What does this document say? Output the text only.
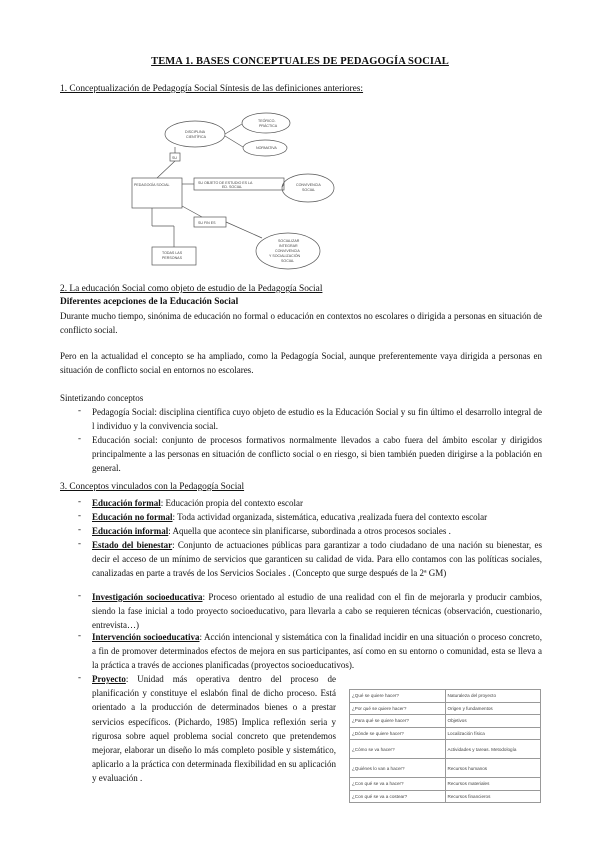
TEMA 1. BASES CONCEPTUALES DE PEDAGOGÍA SOCIAL
1. Conceptualización de Pedagogía Social Síntesis de las definiciones anteriores:
DISCIPLINA
CIENTÍFICA
TEÓRICO-
PRÁCTICA
NORMATIVA
SU
PEDAGOGÍA SOCIAL	SU OBJETO DE ESTUDIO ES LA
ED. SOCIAL	CONVIVENCIA
SOCIAL
SU FIN ES
SOCIALIZAR
INTEGRAR
CONVIVENCIA
Y SOCIALIZACIÓN
SOCIAL
TODAS LAS
PERSONAS
2. La educación Social como objeto de estudio de la Pedagogía Social
Diferentes acepciones de la Educación Social
Durante mucho tiempo, sinónima de educación no formal o educación en contextos no escolares o dirigida a personas en situación de conflicto social.
Pero en la actualidad el concepto se ha ampliado, como la Pedagogía Social, aunque preferentemente vaya dirigida a personas en situación de conflicto social en entornos no escolares.
Sintetizando conceptos
- Pedagogía Social: disciplina científica cuyo objeto de estudio es la Educación Social y su fin último el desarrollo integral de l individuo y la convivencia social.
- Educación social: conjunto de procesos formativos normalmente llevados a cabo fuera del ámbito escolar y dirigidos principalmente a las personas en situación de conflicto social o en riesgo, si bien también pueden dirigirse a la población en general.
3. Conceptos vinculados con la Pedagogía Social
- Educación formal: Educación propia del contexto escolar
- Educación no formal: Toda actividad organizada, sistemática, educativa ,realizada fuera del contexto escolar
- Educación informal: Aquella que acontece sin planificarse, subordinada a otros procesos sociales .
- Estado del bienestar: Conjunto de actuaciones públicas para garantizar a todo ciudadano de una nación su bienestar, es decir el acceso de un mínimo de servicios que garanticen su calidad de vida. Para ello contamos con las políticas sociales, canalizadas en parte a través de los Servicios Sociales . (Concepto que surge después de la 2ª GM)
- Investigación socioeducativa: Proceso orientado al estudio de una realidad con el fin de mejorarla y producir cambios, siendo la fase inicial a todo proyecto socioeducativo, para llevarla a cabo se requieren técnicas (observación, cuestionario, entrevista…)
- Intervención socioeducativa: Acción intencional y sistemática con la finalidad incidir en una situación o proceso concreto, a fin de promover determinados efectos de mejora en sus participantes, así como en su entorno o comunidad, esta se lleva a la práctica a través de acciones planificadas (proyectos socioeducativos).
- Proyecto: Unidad más operativa dentro del proceso de planificación y constituye el eslabón final de dicho proceso. Está orientado a la producción de determinados bienes o a prestar servicios específicos. (Pichardo, 1985) Implica reflexión seria y rigurosa sobre aquel problema social concreto que pretendemos mejorar, elaborar un diseño lo más completo posible y sistemático, aplicarlo a la práctica con determinada flexibilidad en su aplicación y evaluación .
¿Qué se quiere hacer?	Naturaleza del proyecto
¿Por qué se quiere hacer?	Origen y fundamentos
¿Para qué se quiere hacer?	Objetivos
¿Dónde se quiere hacer?	Localización física
¿Cómo se va hacer?	Actividades y tareas. Metodología
¿Quiénes lo van a hacer?	Recursos humanos
¿Con qué se va a hacer?	Recursos materiales
¿Con qué se va a costear?	Recursos financieros
